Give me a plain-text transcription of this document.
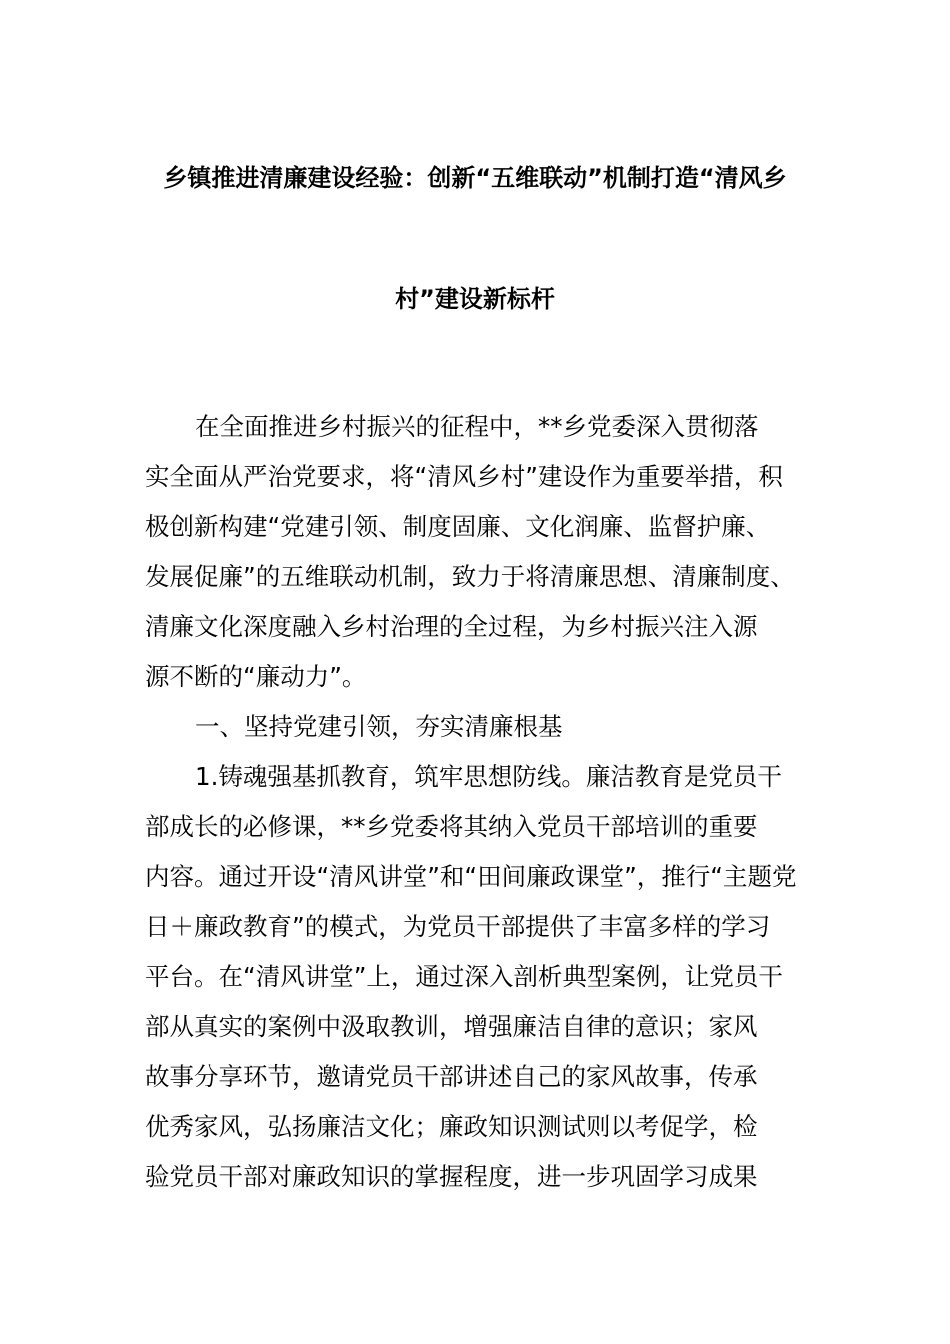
乡镇推进清廉建设经验：创新“五维联动”机制打造“清风乡
村”建设新标杆
在全面推进乡村振兴的征程中，**乡党委深入贯彻落
实全面从严治党要求，将“清风乡村”建设作为重要举措，积
极创新构建“党建引领、制度固廉、文化润廉、监督护廉、
发展促廉”的五维联动机制，致力于将清廉思想、清廉制度、
清廉文化深度融入乡村治理的全过程，为乡村振兴注入源
源不断的“廉动力”。
一、坚持党建引领，夯实清廉根基
1.铸魂强基抓教育，筑牢思想防线。廉洁教育是党员干
部成长的必修课，**乡党委将其纳入党员干部培训的重要
内容。通过开设“清风讲堂”和“田间廉政课堂”，推行“主题党
日＋廉政教育”的模式，为党员干部提供了丰富多样的学习
平台。在“清风讲堂”上，通过深入剖析典型案例，让党员干
部从真实的案例中汲取教训，增强廉洁自律的意识；家风
故事分享环节，邀请党员干部讲述自己的家风故事，传承
优秀家风，弘扬廉洁文化；廉政知识测试则以考促学，检
验党员干部对廉政知识的掌握程度，进一步巩固学习成果
